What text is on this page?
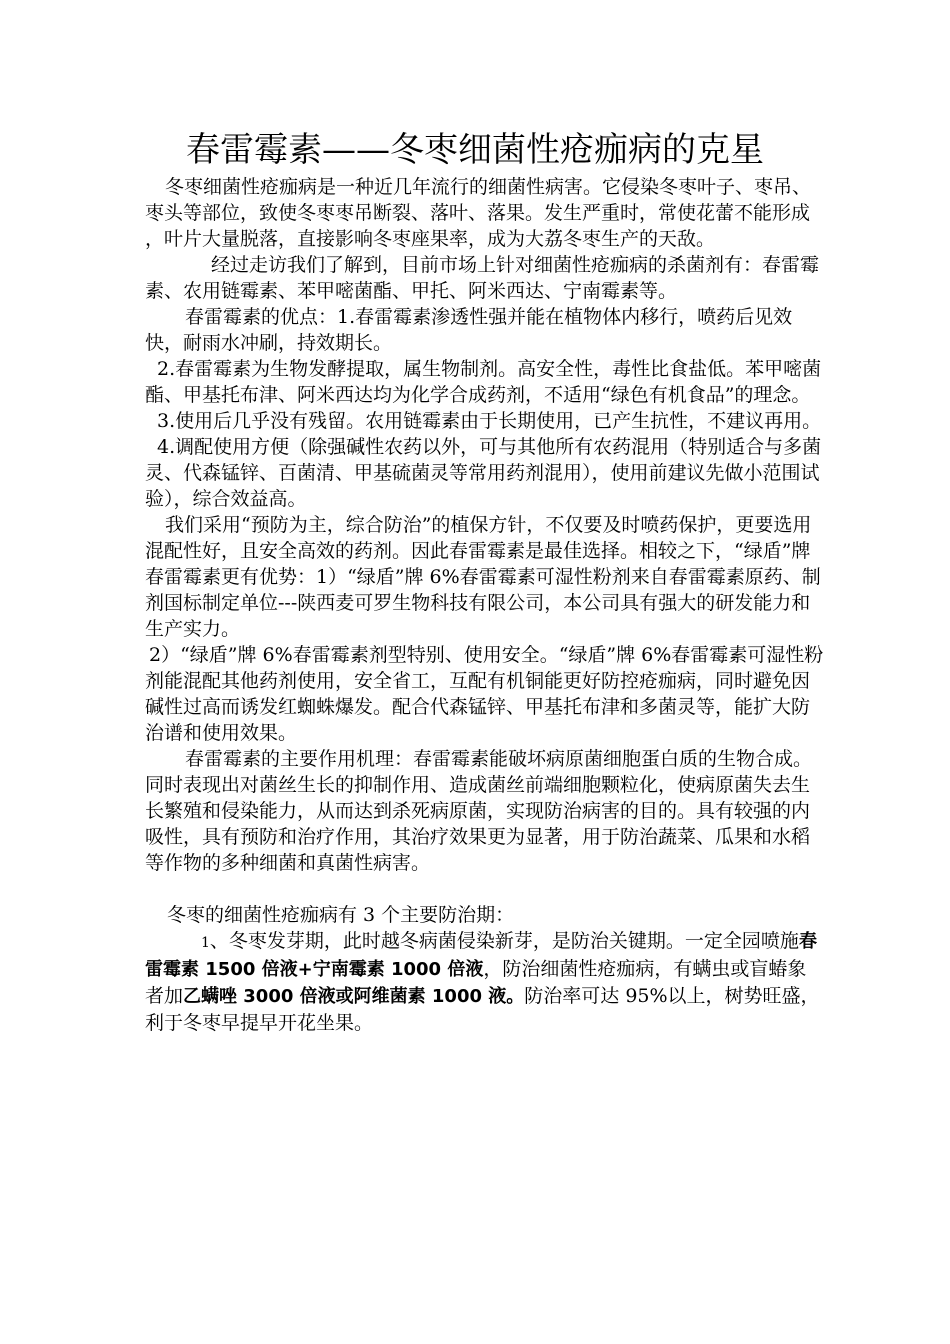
春雷霉素——冬枣细菌性疮痂病的克星

冬枣细菌性疮痂病是一种近几年流行的细菌性病害。它侵染冬枣叶子、枣吊、枣头等部位，致使冬枣枣吊断裂、落叶、落果。发生严重时，常使花蕾不能形成 ，叶片大量脱落，直接影响冬枣座果率，成为大荔冬枣生产的天敌。

经过走访我们了解到，目前市场上针对细菌性疮痂病的杀菌剂有：春雷霉素、农用链霉素、苯甲嘧菌酯、甲托、阿米西达、宁南霉素等。

春雷霉素的优点：1.春雷霉素渗透性强并能在植物体内移行，喷药后见效快，耐雨水冲刷，持效期长。

2.春雷霉素为生物发酵提取，属生物制剂。高安全性，毒性比食盐低。苯甲嘧菌酯、甲基托布津、阿米西达均为化学合成药剂，不适用“绿色有机食品”的理念。

3.使用后几乎没有残留。农用链霉素由于长期使用，已产生抗性，不建议再用。

4.调配使用方便（除强碱性农药以外，可与其他所有农药混用（特别适合与多菌灵、代森锰锌、百菌清、甲基硫菌灵等常用药剂混用），使用前建议先做小范围试验），综合效益高。

我们采用“预防为主，综合防治”的植保方针，不仅要及时喷药保护，更要选用混配性好，且安全高效的药剂。因此春雷霉素是最佳选择。相较之下，“绿盾”牌春雷霉素更有优势：1）“绿盾”牌 6%春雷霉素可湿性粉剂来自春雷霉素原药、制剂国标制定单位---陕西麦可罗生物科技有限公司，本公司具有强大的研发能力和生产实力。

2）“绿盾”牌 6%春雷霉素剂型特别、使用安全。“绿盾”牌 6%春雷霉素可湿性粉剂能混配其他药剂使用，安全省工，互配有机铜能更好防控疮痂病，同时避免因碱性过高而诱发红蜘蛛爆发。配合代森锰锌、甲基托布津和多菌灵等，能扩大防治谱和使用效果。

春雷霉素的主要作用机理：春雷霉素能破坏病原菌细胞蛋白质的生物合成。同时表现出对菌丝生长的抑制作用、造成菌丝前端细胞颗粒化，使病原菌失去生长繁殖和侵染能力，从而达到杀死病原菌，实现防治病害的目的。具有较强的内吸性，具有预防和治疗作用，其治疗效果更为显著，用于防治蔬菜、瓜果和水稻等作物的多种细菌和真菌性病害。

冬枣的细菌性疮痂病有 3 个主要防治期：

1、冬枣发芽期，此时越冬病菌侵染新芽，是防治关键期。一定全园喷施春雷霉素 1500 倍液+宁南霉素 1000 倍液，防治细菌性疮痂病，有螨虫或盲蝽象者加乙螨唑 3000 倍液或阿维菌素 1000 液。防治率可达 95%以上，树势旺盛，利于冬枣早提早开花坐果。
